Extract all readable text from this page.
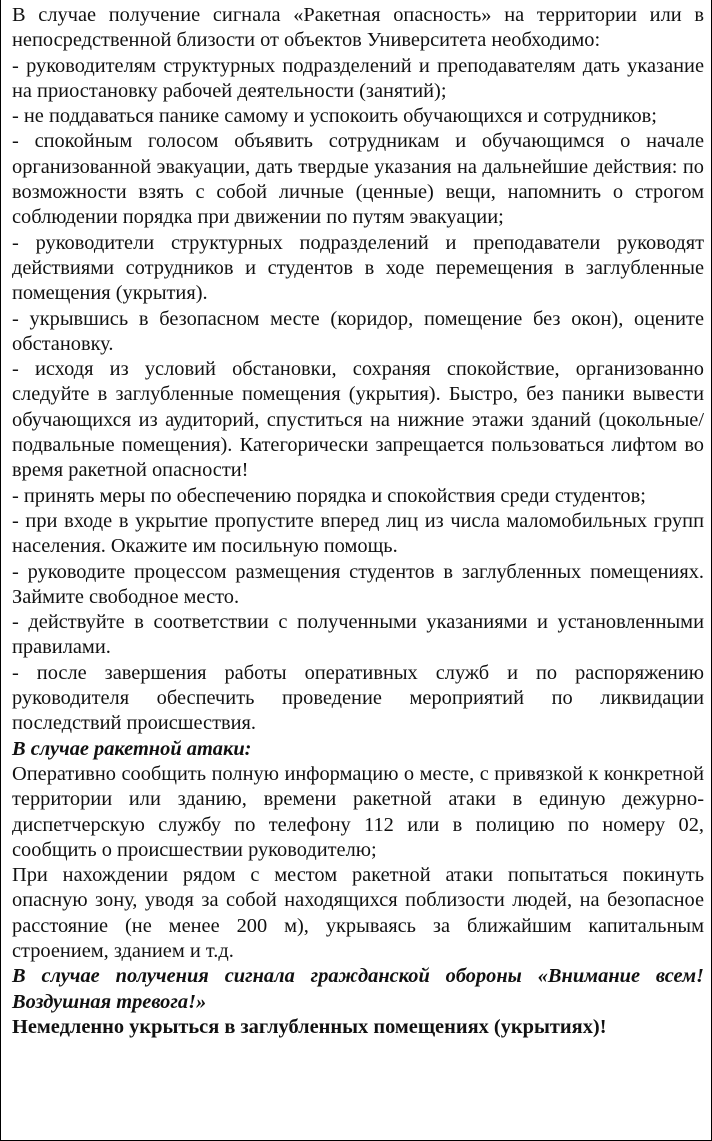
В случае получение сигнала «Ракетная опасность» на территории или в непосредственной близости от объектов Университета необходимо:

- руководителям структурных подразделений и преподавателям дать указание на приостановку рабочей деятельности (занятий);

- не поддаваться панике самому и успокоить обучающихся и сотрудников;

- спокойным голосом объявить сотрудникам и обучающимся о начале организованной эвакуации, дать твердые указания на дальнейшие действия: по возможности взять с собой личные (ценные) вещи, напомнить о строгом соблюдении порядка при движении по путям эвакуации;

- руководители структурных подразделений и преподаватели руководят действиями сотрудников и студентов в ходе перемещения в заглубленные помещения (укрытия).

- укрывшись в безопасном месте (коридор, помещение без окон), оцените обстановку.

- исходя из условий обстановки, сохраняя спокойствие, организованно следуйте в заглубленные помещения (укрытия). Быстро, без паники вывести обучающихся из аудиторий, спуститься на нижние этажи зданий (цокольные/подвальные помещения). Категорически запрещается пользоваться лифтом во время ракетной опасности!

- принять меры по обеспечению порядка и спокойствия среди студентов;

- при входе в укрытие пропустите вперед лиц из числа маломобильных групп населения. Окажите им посильную помощь.

- руководите процессом размещения студентов в заглубленных помещениях. Займите свободное место.

- действуйте в соответствии с полученными указаниями и установленными правилами.

- после завершения работы оперативных служб и по распоряжению руководителя обеспечить проведение мероприятий по ликвидации последствий происшествия.

В случае ракетной атаки:

Оперативно сообщить полную информацию о месте, с привязкой к конкретной территории или зданию, времени ракетной атаки в единую дежурно-диспетчерскую службу по телефону 112 или в полицию по номеру 02, сообщить о происшествии руководителю;

При нахождении рядом с местом ракетной атаки попытаться покинуть опасную зону, уводя за собой находящихся поблизости людей, на безопасное расстояние (не менее 200 м), укрываясь за ближайшим капитальным строением, зданием и т.д.

В случае получения сигнала гражданской обороны «Внимание всем! Воздушная тревога!»

Немедленно укрыться в заглубленных помещениях (укрытиях)!
